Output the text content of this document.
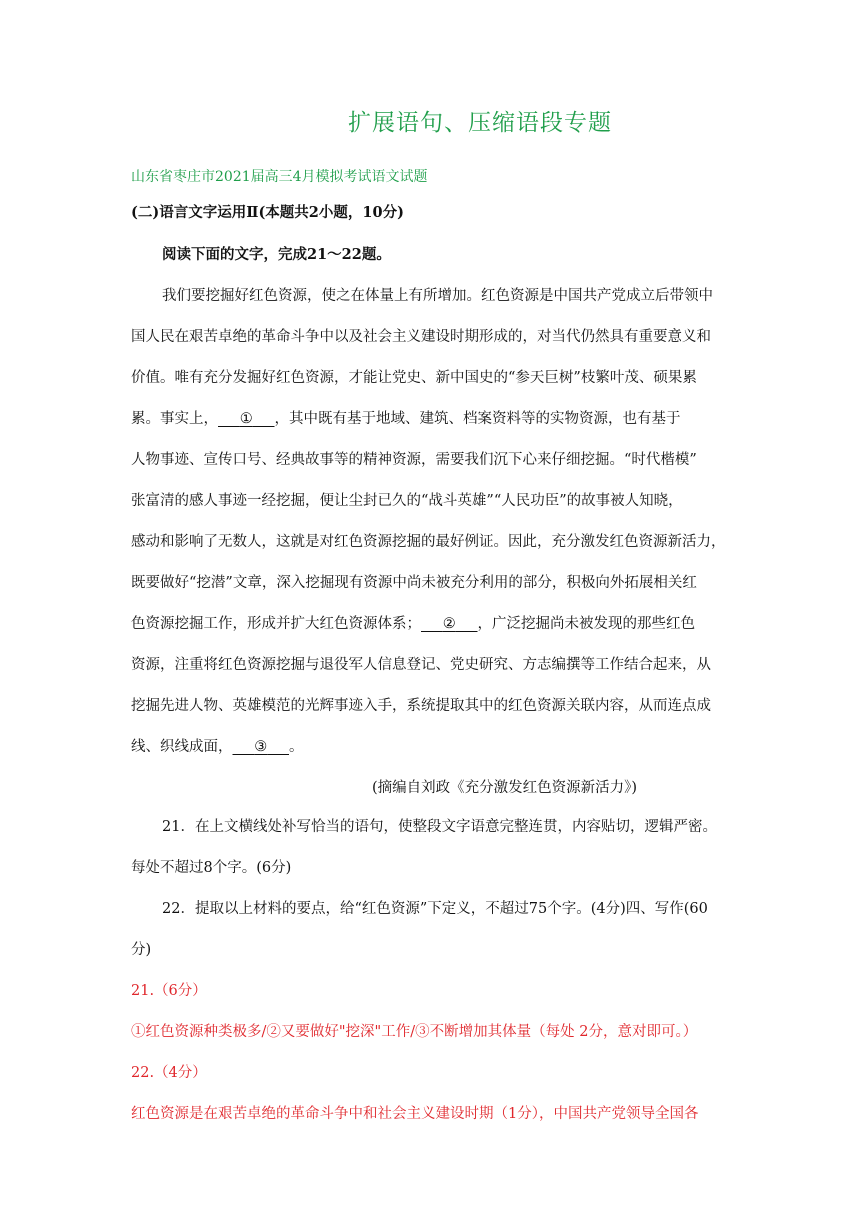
扩展语句、压缩语段专题
山东省枣庄市2021届高三4月模拟考试语文试题
(二)语言文字运用Ⅱ(本题共2小题，10分)
阅读下面的文字，完成21～22题。
我们要挖掘好红色资源，使之在体量上有所增加。红色资源是中国共产党成立后带领中
国人民在艰苦卓绝的革命斗争中以及社会主义建设时期形成的，对当代仍然具有重要意义和
价值。唯有充分发掘好红色资源，才能让党史、新中国史的“参天巨树”枝繁叶茂、硕果累
累。事实上，    ①    ，其中既有基于地域、建筑、档案资料等的实物资源，也有基于
人物事迹、宣传口号、经典故事等的精神资源，需要我们沉下心来仔细挖掘。“时代楷模”
张富清的感人事迹一经挖掘，便让尘封已久的“战斗英雄”“人民功臣”的故事被人知晓，
感动和影响了无数人，这就是对红色资源挖掘的最好例证。因此，充分激发红色资源新活力，
既要做好“挖潜”文章，深入挖掘现有资源中尚未被充分利用的部分，积极向外拓展相关红
色资源挖掘工作，形成并扩大红色资源体系；    ②    ，广泛挖掘尚未被发现的那些红色
资源，注重将红色资源挖掘与退役军人信息登记、党史研究、方志编撰等工作结合起来，从
挖掘先进人物、英雄模范的光辉事迹入手，系统提取其中的红色资源关联内容，从而连点成
线、织线成面，    ③    。
(摘编自刘政《充分激发红色资源新活力》)
21．在上文横线处补写恰当的语句，使整段文字语意完整连贯，内容贴切，逻辑严密。
每处不超过8个字。(6分)
22．提取以上材料的要点，给“红色资源”下定义，不超过75个字。(4分)四、写作(60
分)
21.（6分）
①红色资源种类极多/②又要做好"挖深"工作/③不断增加其体量（每处 2分，意对即可。）
22.（4分）
红色资源是在艰苦卓绝的革命斗争中和社会主义建设时期（1分），中国共产党领导全国各
